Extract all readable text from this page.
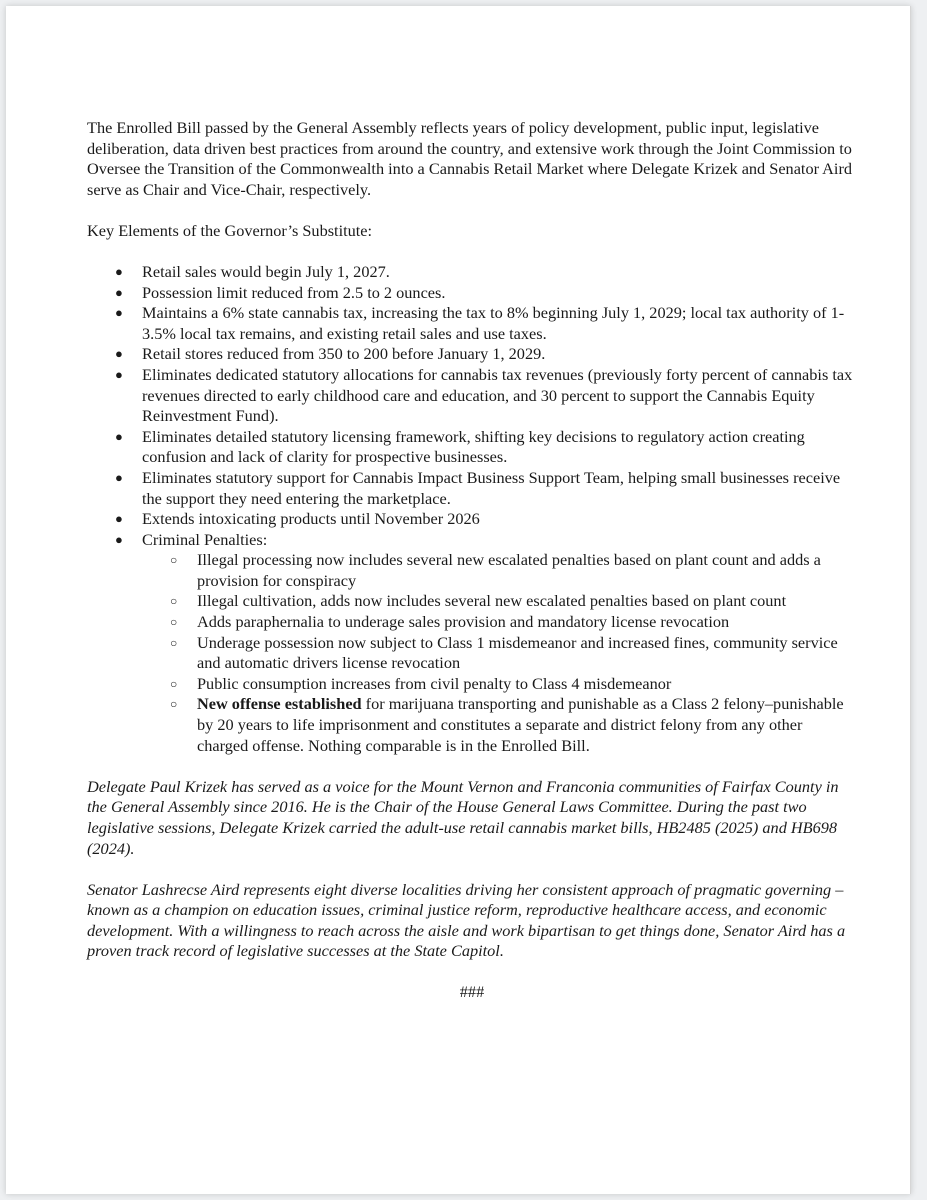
The Enrolled Bill passed by the General Assembly reflects years of policy development, public input, legislative deliberation, data driven best practices from around the country, and extensive work through the Joint Commission to Oversee the Transition of the Commonwealth into a Cannabis Retail Market where Delegate Krizek and Senator Aird serve as Chair and Vice-Chair, respectively.

Key Elements of the Governor’s Substitute:

● Retail sales would begin July 1, 2027.
● Possession limit reduced from 2.5 to 2 ounces.
● Maintains a 6% state cannabis tax, increasing the tax to 8% beginning July 1, 2029; local tax authority of 1-3.5% local tax remains, and existing retail sales and use taxes.
● Retail stores reduced from 350 to 200 before January 1, 2029.
● Eliminates dedicated statutory allocations for cannabis tax revenues (previously forty percent of cannabis tax revenues directed to early childhood care and education, and 30 percent to support the Cannabis Equity Reinvestment Fund).
● Eliminates detailed statutory licensing framework, shifting key decisions to regulatory action creating confusion and lack of clarity for prospective businesses.
● Eliminates statutory support for Cannabis Impact Business Support Team, helping small businesses receive the support they need entering the marketplace.
● Extends intoxicating products until November 2026
● Criminal Penalties:
○ Illegal processing now includes several new escalated penalties based on plant count and adds a provision for conspiracy
○ Illegal cultivation, adds now includes several new escalated penalties based on plant count
○ Adds paraphernalia to underage sales provision and mandatory license revocation
○ Underage possession now subject to Class 1 misdemeanor and increased fines, community service and automatic drivers license revocation
○ Public consumption increases from civil penalty to Class 4 misdemeanor
○ New offense established for marijuana transporting and punishable as a Class 2 felony–punishable by 20 years to life imprisonment and constitutes a separate and district felony from any other charged offense. Nothing comparable is in the Enrolled Bill.

Delegate Paul Krizek has served as a voice for the Mount Vernon and Franconia communities of Fairfax County in the General Assembly since 2016. He is the Chair of the House General Laws Committee. During the past two legislative sessions, Delegate Krizek carried the adult-use retail cannabis market bills, HB2485 (2025) and HB698 (2024).

Senator Lashrecse Aird represents eight diverse localities driving her consistent approach of pragmatic governing – known as a champion on education issues, criminal justice reform, reproductive healthcare access, and economic development. With a willingness to reach across the aisle and work bipartisan to get things done, Senator Aird has a proven track record of legislative successes at the State Capitol.

###
